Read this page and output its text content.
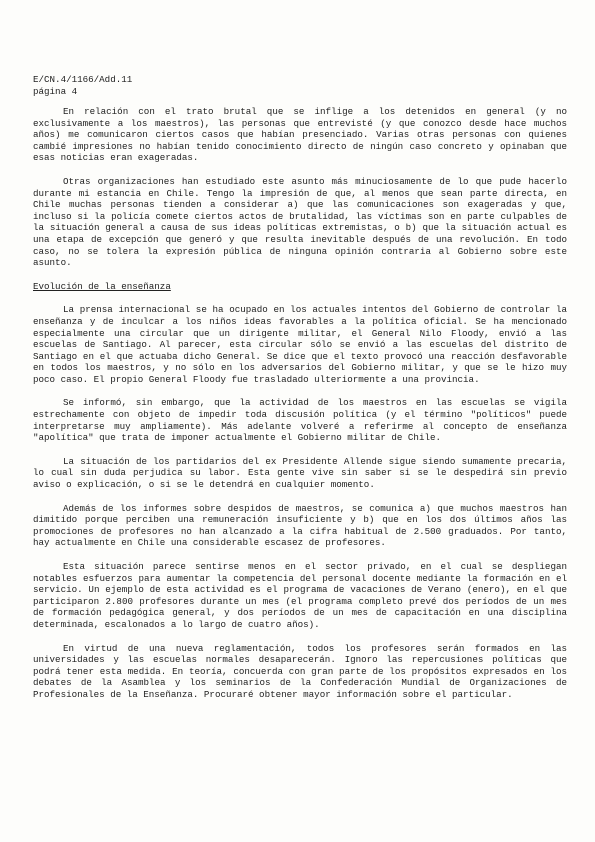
E/CN.4/1166/Add.11
página 4

En relación con el trato brutal que se inflige a los detenidos en general (y no exclusivamente a los maestros), las personas que entrevisté (y que conozco desde hace muchos años) me comunicaron ciertos casos que habían presenciado. Varias otras personas con quienes cambié impresiones no habían tenido conocimiento directo de ningún caso concreto y opinaban que esas noticias eran exageradas.

Otras organizaciones han estudiado este asunto más minuciosamente de lo que pude hacerlo durante mi estancia en Chile. Tengo la impresión de que, al menos que sean parte directa, en Chile muchas personas tienden a considerar a) que las comunicaciones son exageradas y que, incluso si la policía comete ciertos actos de brutalidad, las víctimas son en parte culpables de la situación general a causa de sus ideas políticas extremistas, o b) que la situación actual es una etapa de excepción que generó y que resulta inevitable después de una revolución. En todo caso, no se tolera la expresión pública de ninguna opinión contraria al Gobierno sobre este asunto.

Evolución de la enseñanza

La prensa internacional se ha ocupado en los actuales intentos del Gobierno de controlar la enseñanza y de inculcar a los niños ideas favorables a la política oficial. Se ha mencionado especialmente una circular que un dirigente militar, el General Nilo Floody, envió a las escuelas de Santiago. Al parecer, esta circular sólo se envió a las escuelas del distrito de Santiago en el que actuaba dicho General. Se dice que el texto provocó una reacción desfavorable en todos los maestros, y no sólo en los adversarios del Gobierno militar, y que se le hizo muy poco caso. El propio General Floody fue trasladado ulteriormente a una provincia.

Se informó, sin embargo, que la actividad de los maestros en las escuelas se vigila estrechamente con objeto de impedir toda discusión política (y el término "políticos" puede interpretarse muy ampliamente). Más adelante volveré a referirme al concepto de enseñanza "apolítica" que trata de imponer actualmente el Gobierno militar de Chile.

La situación de los partidarios del ex Presidente Allende sigue siendo sumamente precaria, lo cual sin duda perjudica su labor. Esta gente vive sin saber si se le despedirá sin previo aviso o explicación, o si se le detendrá en cualquier momento.

Además de los informes sobre despidos de maestros, se comunica a) que muchos maestros han dimitido porque perciben una remuneración insuficiente y b) que en los dos últimos años las promociones de profesores no han alcanzado a la cifra habitual de 2.500 graduados. Por tanto, hay actualmente en Chile una considerable escasez de profesores.

Esta situación parece sentirse menos en el sector privado, en el cual se despliegan notables esfuerzos para aumentar la competencia del personal docente mediante la formación en el servicio. Un ejemplo de esta actividad es el programa de vacaciones de Verano (enero), en el que participaron 2.800 profesores durante un mes (el programa completo prevé dos períodos de un mes de formación pedagógica general, y dos períodos de un mes de capacitación en una disciplina determinada, escalonados a lo largo de cuatro años).

En virtud de una nueva reglamentación, todos los profesores serán formados en las universidades y las escuelas normales desaparecerán. Ignoro las repercusiones políticas que podrá tener esta medida. En teoría, concuerda con gran parte de los propósitos expresados en los debates de la Asamblea y los seminarios de la Confederación Mundial de Organizaciones de Profesionales de la Enseñanza. Procuraré obtener mayor información sobre el particular.
